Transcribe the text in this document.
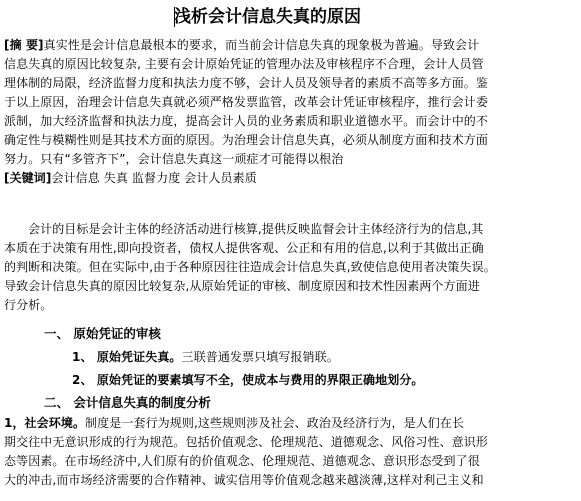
浅析会计信息失真的原因
[摘 要]真实性是会计信息最根本的要求，而当前会计信息失真的现象极为普遍。导致会计
信息失真的原因比较复杂, 主要有会计原始凭证的管理办法及审核程序不合理，会计人员管
理体制的局限，经济监督力度和执法力度不够，会计人员及领导者的素质不高等多方面。鉴
于以上原因，治理会计信息失真就必须严格发票监管，改革会计凭证审核程序，推行会计委
派制，加大经济监督和执法力度，提高会计人员的业务素质和职业道德水平。而会计中的不
确定性与模糊性则是其技术方面的原因。为治理会计信息失真，必须从制度方面和技术方面
努力。只有“多管齐下”，会计信息失真这一顽症才可能得以根治
[关键词]会计信息 失真 监督力度 会计人员素质
会计的目标是会计主体的经济活动进行核算,提供反映监督会计主体经济行为的信息,其
本质在于决策有用性,即向投资者，债权人提供客观、公正和有用的信息,以利于其做出正确
的判断和决策。但在实际中,由于各种原因往往造成会计信息失真,致使信息使用者决策失误。
导致会计信息失真的原因比较复杂,从原始凭证的审核、制度原因和技术性因素两个方面进
行分析。
一、 原始凭证的审核
1、 原始凭证失真。三联普通发票只填写报销联。
2、 原始凭证的要素填写不全，使成本与费用的界限正确地划分。
二、 会计信息失真的制度分析
1，社会环境。制度是一套行为规则,这些规则涉及社会、政治及经济行为，是人们在长
期交往中无意识形成的行为规范。包括价值观念、伦理规范、道德观念、风俗习性、意识形
态等因素。在市场经济中,人们原有的价值观念、伦理规范、道德观念、意识形态受到了很
大的冲击,而市场经济需要的合作精神、诚实信用等价值观念越来越淡薄,这样对利己主义和
